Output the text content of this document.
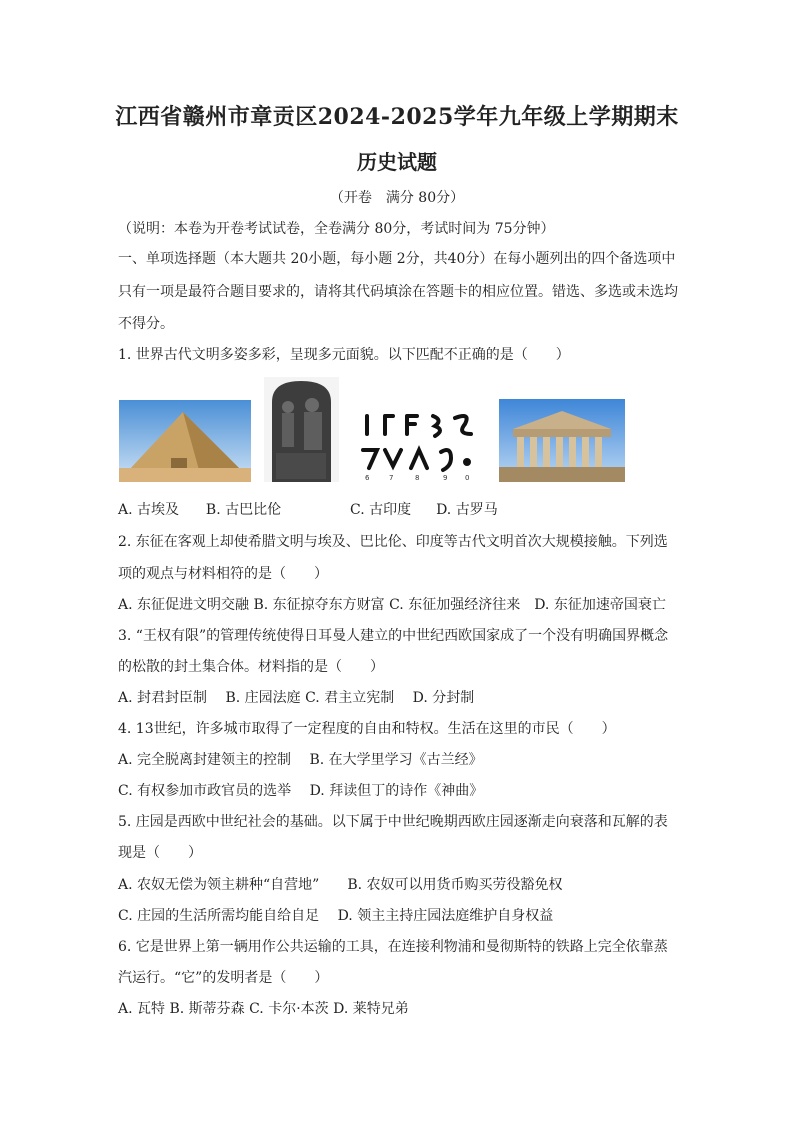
江西省赣州市章贡区2024-2025学年九年级上学期期末
历史试题
（开卷　满分 80分）
（说明：本卷为开卷考试试卷，全卷满分 80分，考试时间为 75分钟）
一、单项选择题（本大题共 20小题，每小题 2分，共40分）在每小题列出的四个备选项中
只有一项是最符合题目要求的，请将其代码填涂在答题卡的相应位置。错选、多选或未选均
不得分。
1. 世界古代文明多姿多彩，呈现多元面貌。以下匹配不正确的是（　　）
6	7	8	9	0
A. 古埃及 B. 古巴比伦	C. 古印度 D. 古罗马
2. 东征在客观上却使希腊文明与埃及、巴比伦、印度等古代文明首次大规模接触。下列选
项的观点与材料相符的是（　　）
A. 东征促进文明交融 B. 东征掠夺东方财富 C. 东征加强经济往来　D. 东征加速帝国衰亡
3. “王权有限”的管理传统使得日耳曼人建立的中世纪西欧国家成了一个没有明确国界概念
的松散的封土集合体。材料指的是（　　）
A. 封君封臣制　 B. 庄园法庭 C. 君主立宪制　 D. 分封制
4. 13世纪，许多城市取得了一定程度的自由和特权。生活在这里的市民（　　）
A. 完全脱离封建领主的控制　 B. 在大学里学习《古兰经》
C. 有权参加市政官员的选举　 D. 拜读但丁的诗作《神曲》
5. 庄园是西欧中世纪社会的基础。以下属于中世纪晚期西欧庄园逐渐走向衰落和瓦解的表
现是（　　）
A. 农奴无偿为领主耕种“自营地”　　B. 农奴可以用货币购买劳役豁免权
C. 庄园的生活所需均能自给自足　 D. 领主主持庄园法庭维护自身权益
6. 它是世界上第一辆用作公共运输的工具，在连接利物浦和曼彻斯特的铁路上完全依靠蒸
汽运行。“它”的发明者是（　　）
A. 瓦特 B. 斯蒂芬森 C. 卡尔·本茨 D. 莱特兄弟
